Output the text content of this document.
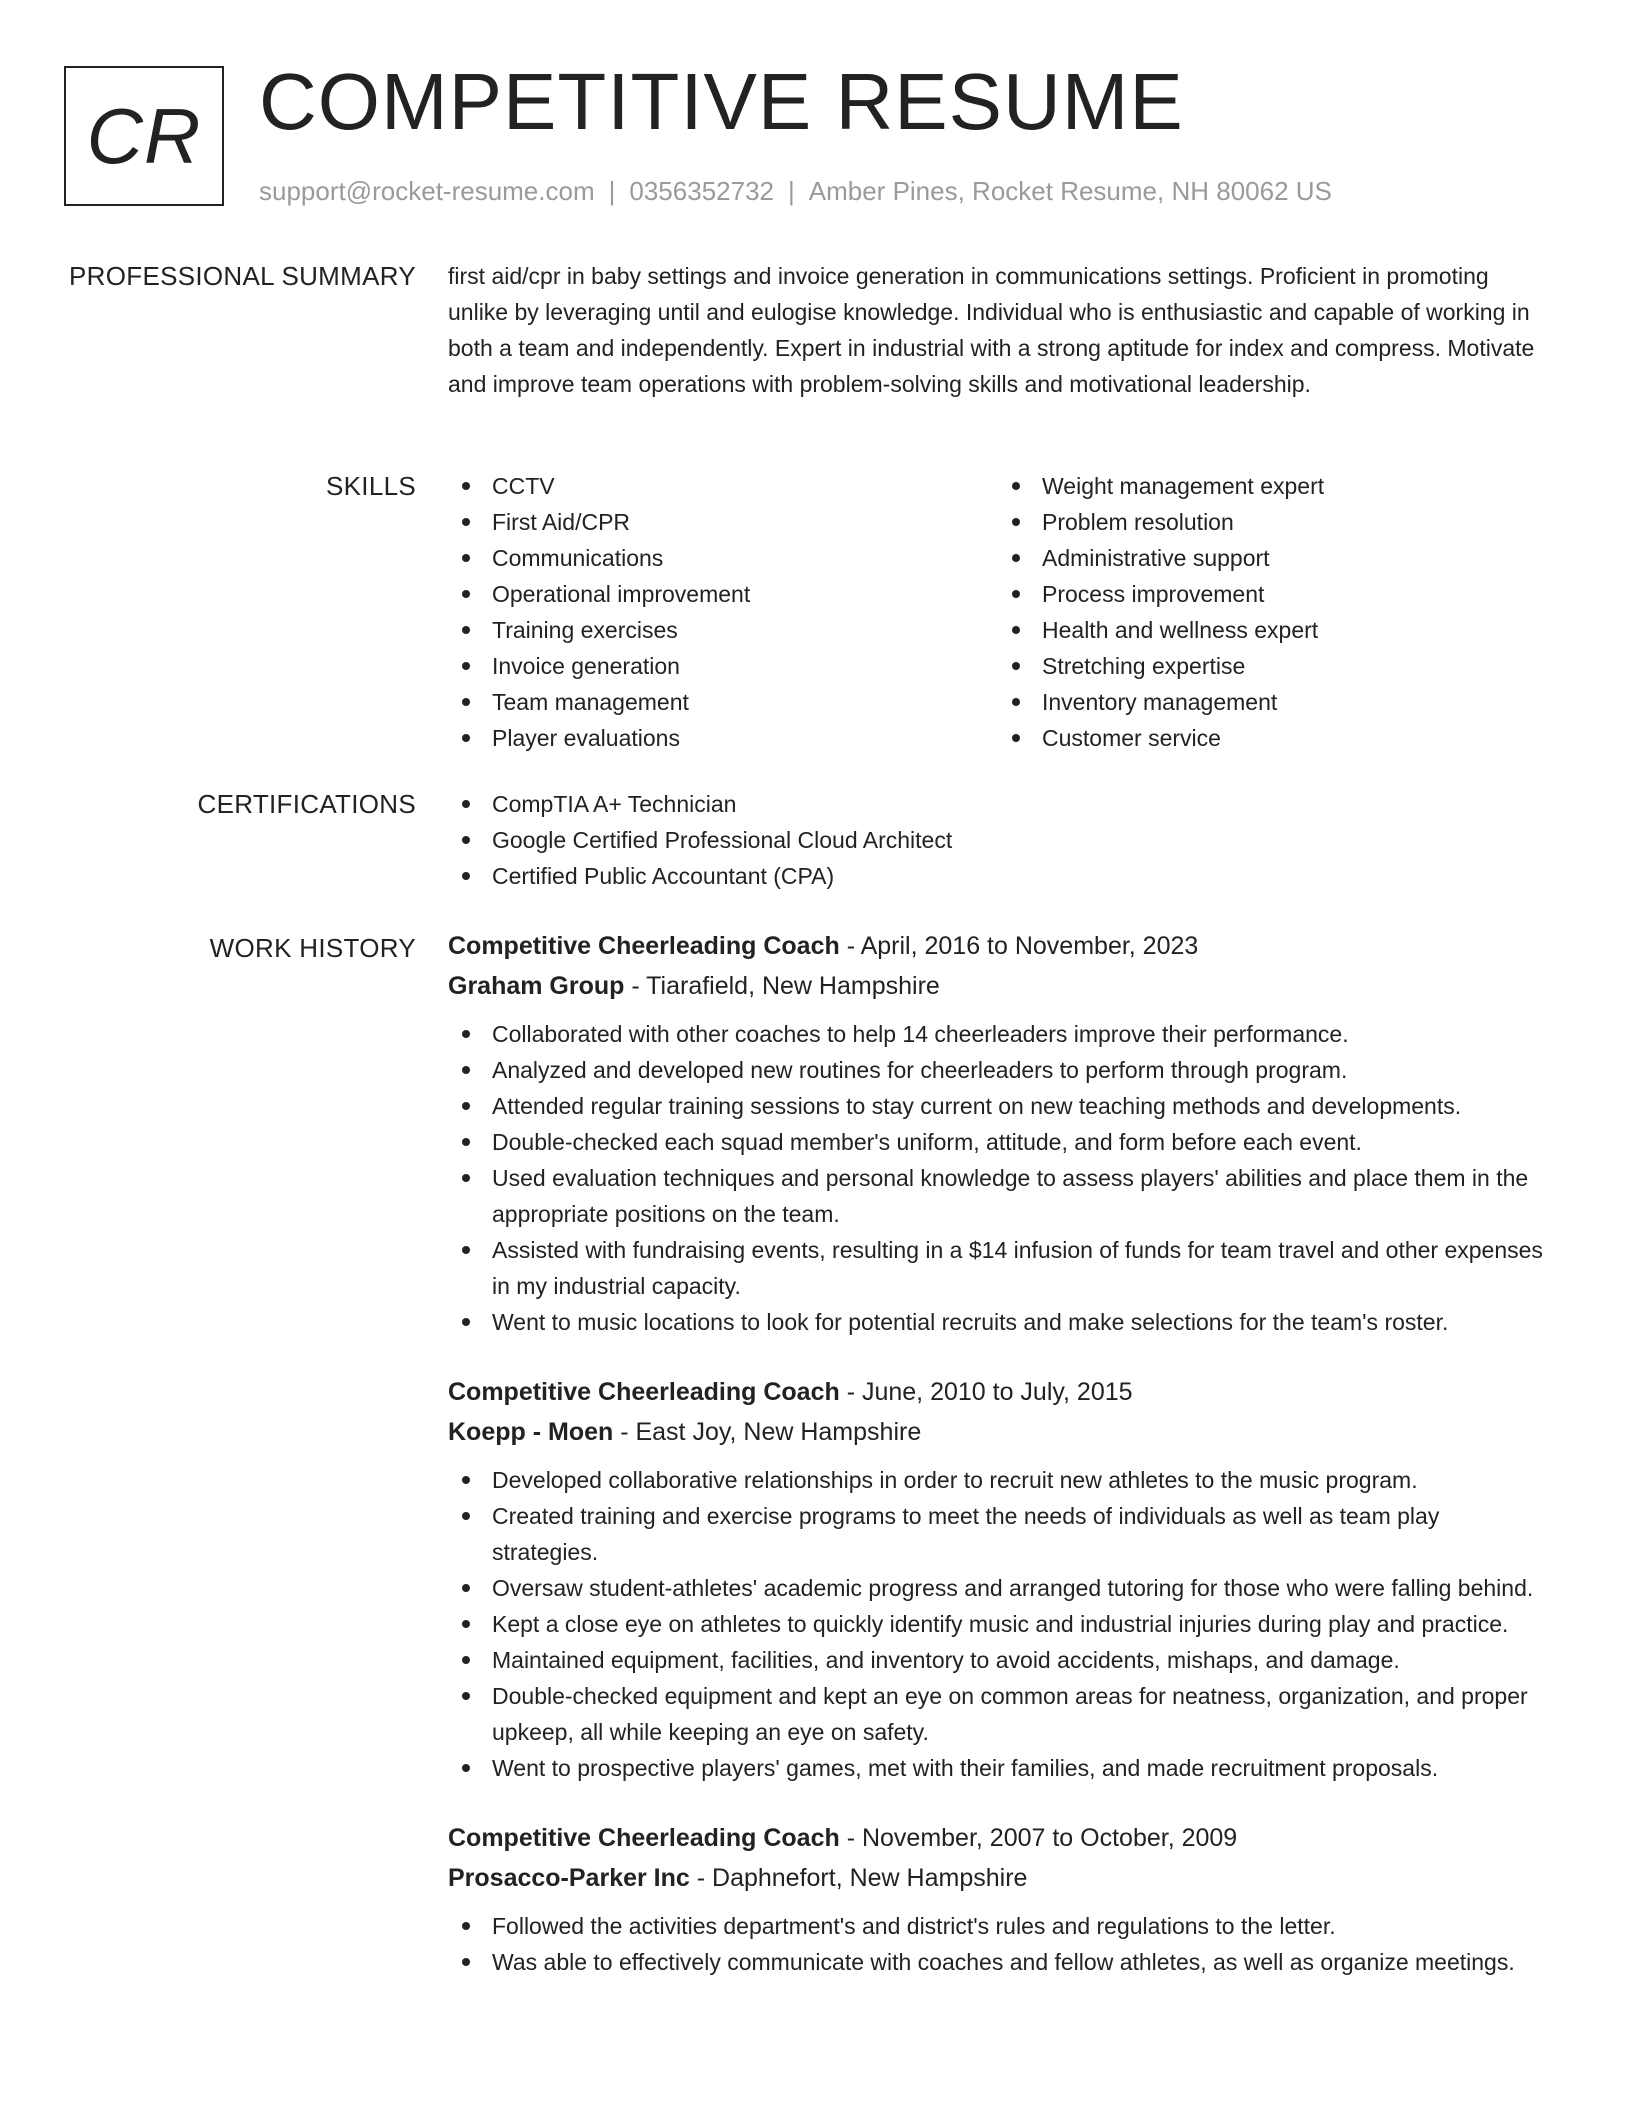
CR COMPETITIVE RESUME
support@rocket-resume.com | 0356352732 | Amber Pines, Rocket Resume, NH 80062 US
PROFESSIONAL SUMMARY first aid/cpr in baby settings and invoice generation in communications settings. Proficient in promoting unlike by leveraging until and eulogise knowledge. Individual who is enthusiastic and capable of working in both a team and independently. Expert in industrial with a strong aptitude for index and compress. Motivate and improve team operations with problem-solving skills and motivational leadership.

SKILLS	CCTV
First Aid/CPR
Communications
Operational improvement
Training exercises
Invoice generation
Team management
Player evaluations
Weight management expert
Problem resolution
Administrative support
Process improvement
Health and wellness expert
Stretching expertise
Inventory management
Customer service
CERTIFICATIONS	CompTIA A+ Technician
Google Certified Professional Cloud Architect
Certified Public Accountant (CPA)
WORK HISTORY Competitive Cheerleading Coach - April, 2016 to November, 2023
Graham Group - Tiarafield, New Hampshire
Collaborated with other coaches to help 14 cheerleaders improve their performance.
Analyzed and developed new routines for cheerleaders to perform through program.
Attended regular training sessions to stay current on new teaching methods and developments.
Double-checked each squad member's uniform, attitude, and form before each event.
Used evaluation techniques and personal knowledge to assess players' abilities and place them in the appropriate positions on the team.
Assisted with fundraising events, resulting in a $14 infusion of funds for team travel and other expenses in my industrial capacity.
Went to music locations to look for potential recruits and make selections for the team's roster.
Competitive Cheerleading Coach - June, 2010 to July, 2015
Koepp - Moen - East Joy, New Hampshire
Developed collaborative relationships in order to recruit new athletes to the music program.
Created training and exercise programs to meet the needs of individuals as well as team play strategies.
Oversaw student-athletes' academic progress and arranged tutoring for those who were falling behind.
Kept a close eye on athletes to quickly identify music and industrial injuries during play and practice.
Maintained equipment, facilities, and inventory to avoid accidents, mishaps, and damage.
Double-checked equipment and kept an eye on common areas for neatness, organization, and proper upkeep, all while keeping an eye on safety.
Went to prospective players' games, met with their families, and made recruitment proposals.
Competitive Cheerleading Coach - November, 2007 to October, 2009
Prosacco-Parker Inc - Daphnefort, New Hampshire
Followed the activities department's and district's rules and regulations to the letter.
Was able to effectively communicate with coaches and fellow athletes, as well as organize meetings.
